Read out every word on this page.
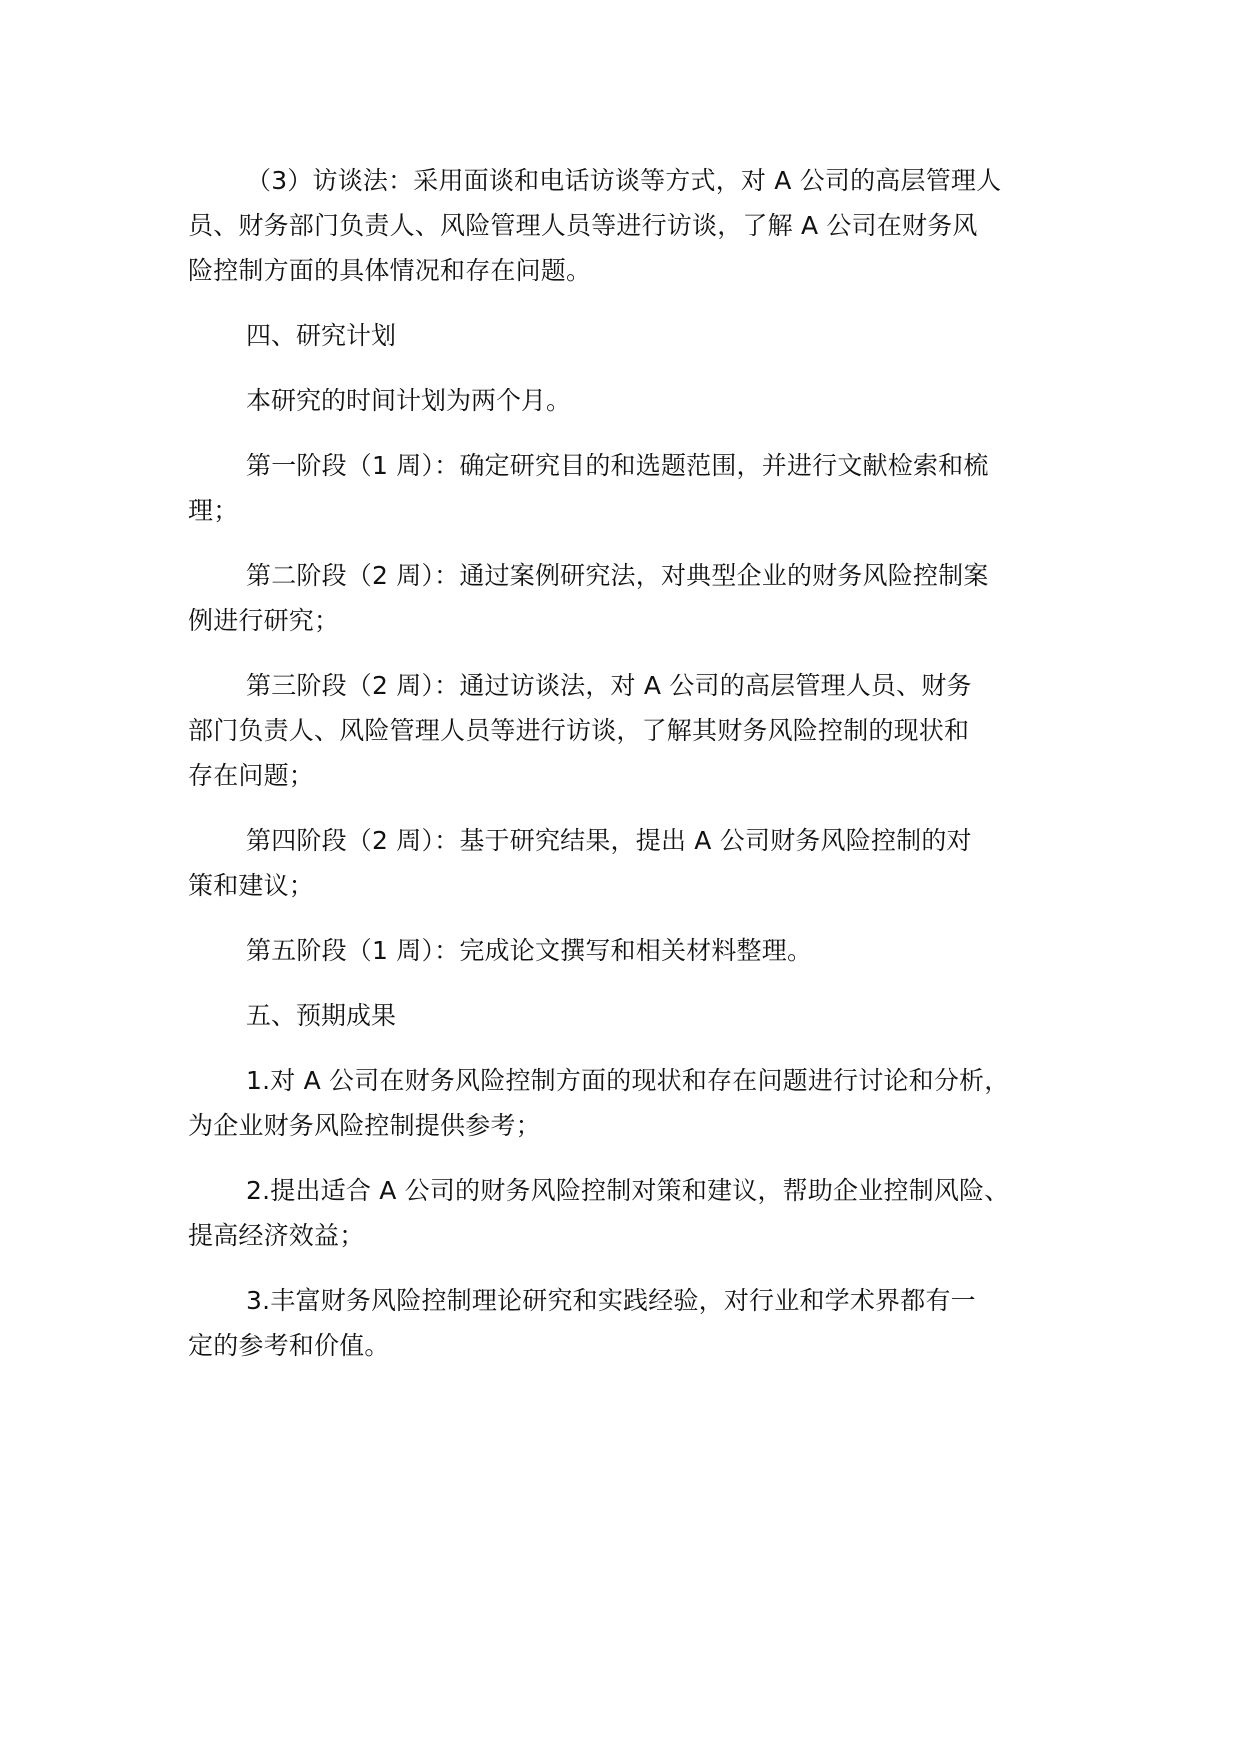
（3）访谈法：采用面谈和电话访谈等方式，对 A 公司的高层管理人
员、财务部门负责人、风险管理人员等进行访谈，了解 A 公司在财务风
险控制方面的具体情况和存在问题。
四、研究计划
本研究的时间计划为两个月。
第一阶段（1 周）：确定研究目的和选题范围，并进行文献检索和梳
理；
第二阶段（2 周）：通过案例研究法，对典型企业的财务风险控制案
例进行研究；
第三阶段（2 周）：通过访谈法，对 A 公司的高层管理人员、财务
部门负责人、风险管理人员等进行访谈，了解其财务风险控制的现状和
存在问题；
第四阶段（2 周）：基于研究结果，提出 A 公司财务风险控制的对
策和建议；
第五阶段（1 周）：完成论文撰写和相关材料整理。
五、预期成果
1.对 A 公司在财务风险控制方面的现状和存在问题进行讨论和分析，
为企业财务风险控制提供参考；
2.提出适合 A 公司的财务风险控制对策和建议，帮助企业控制风险、
提高经济效益；
3.丰富财务风险控制理论研究和实践经验，对行业和学术界都有一
定的参考和价值。
